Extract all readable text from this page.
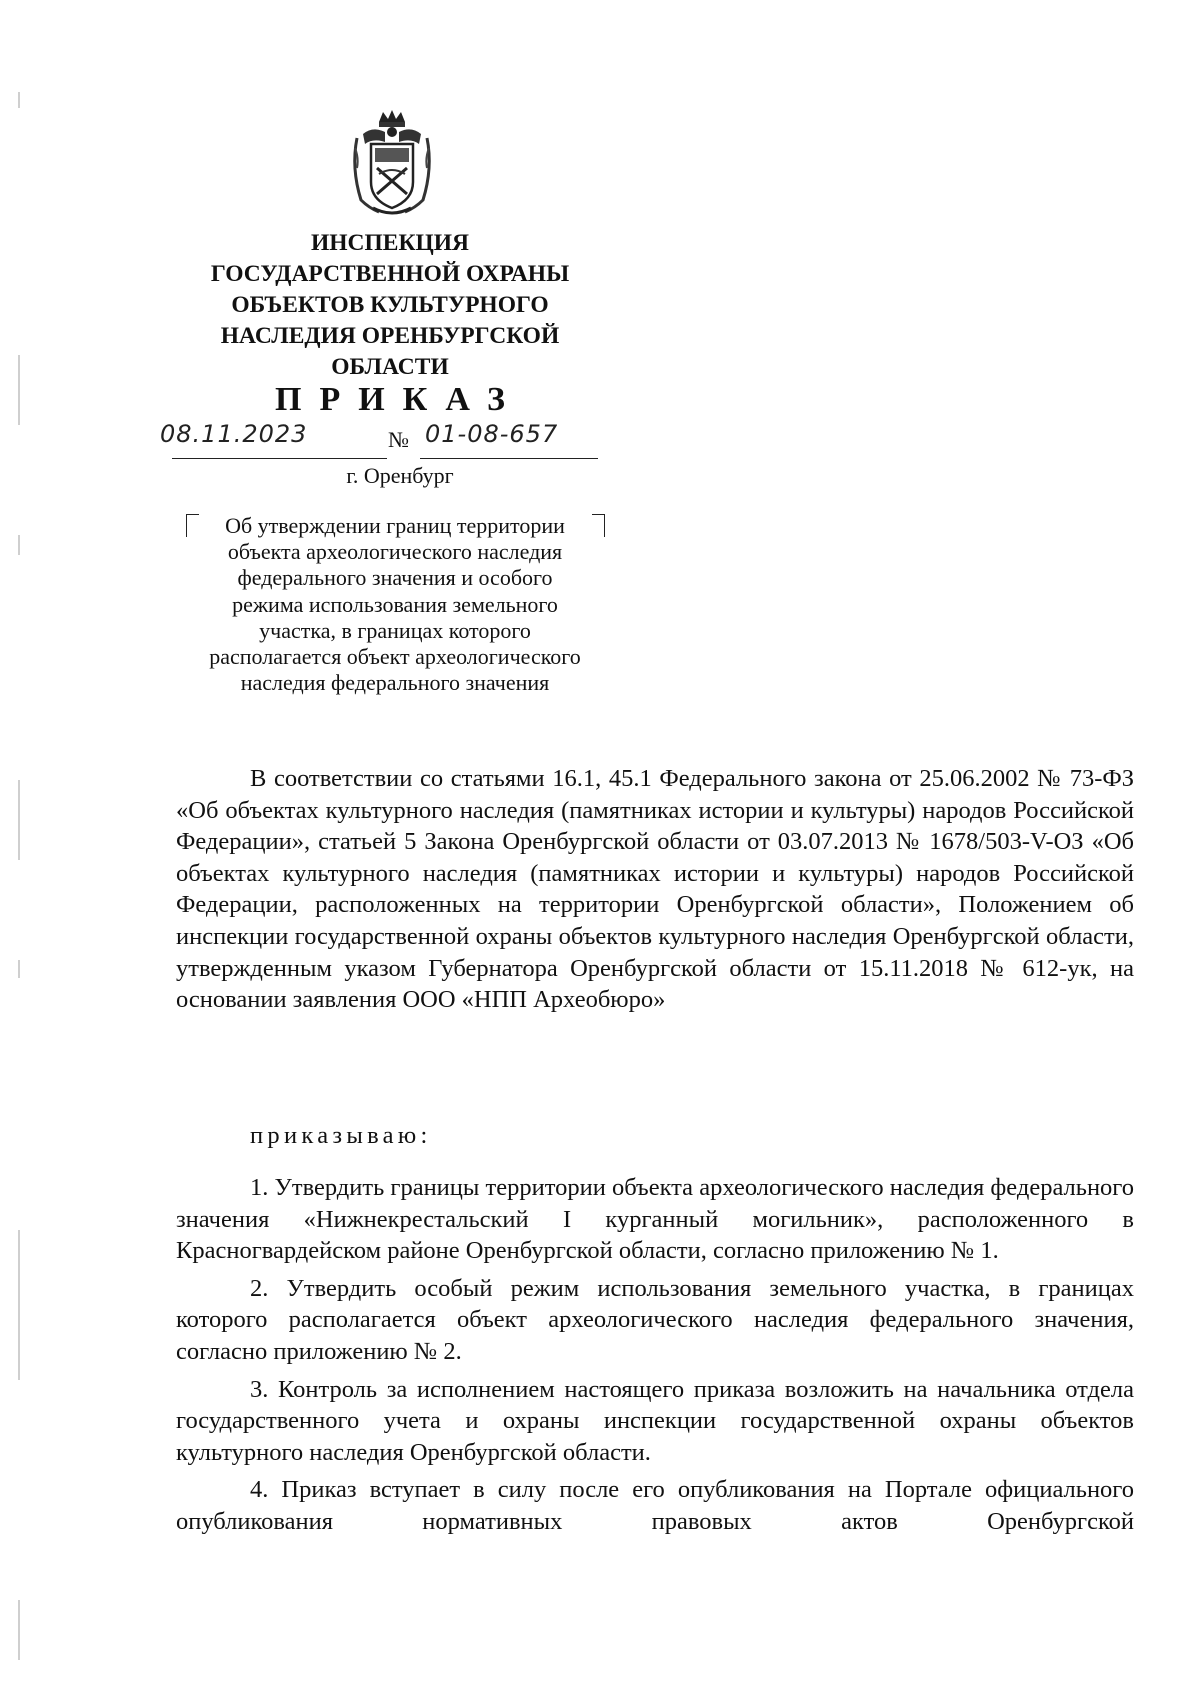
ИНСПЕКЦИЯ
ГОСУДАРСТВЕННОЙ ОХРАНЫ
ОБЪЕКТОВ КУЛЬТУРНОГО
НАСЛЕДИЯ ОРЕНБУРГСКОЙ
ОБЛАСТИ
ПРИКАЗ
08.11.2023	№ 01-08-657
г. Оренбург
Об утверждении границ территории
объекта археологического наследия
федерального значения и особого
режима использования земельного
участка, в границах которого
располагается объект археологического
наследия федерального значения

В соответствии со статьями 16.1, 45.1 Федерального закона от 25.06.2002 № 73-ФЗ «Об объектах культурного наследия (памятниках истории и культуры) народов Российской Федерации», статьей 5 Закона Оренбургской области от 03.07.2013 № 1678/503-V-ОЗ «Об объектах культурного наследия (памятниках истории и культуры) народов Российской Федерации, расположенных на территории Оренбургской области», Положением об инспекции государственной охраны объектов культурного наследия Оренбургской области, утвержденным указом Губернатора Оренбургской области от 15.11.2018 № 612-ук, на основании заявления ООО «НПП Археобюро»

приказываю:

1. Утвердить границы территории объекта археологического наследия федерального значения «Нижнекрестальский I курганный могильник», расположенного в Красногвардейском районе Оренбургской области, согласно приложению № 1.

2. Утвердить особый режим использования земельного участка, в границах которого располагается объект археологического наследия федерального значения, согласно приложению № 2.

3. Контроль за исполнением настоящего приказа возложить на начальника отдела государственного учета и охраны инспекции государственной охраны объектов культурного наследия Оренбургской области.

4. Приказ вступает в силу после его опубликования на Портале официального опубликования нормативных правовых актов Оренбургской
